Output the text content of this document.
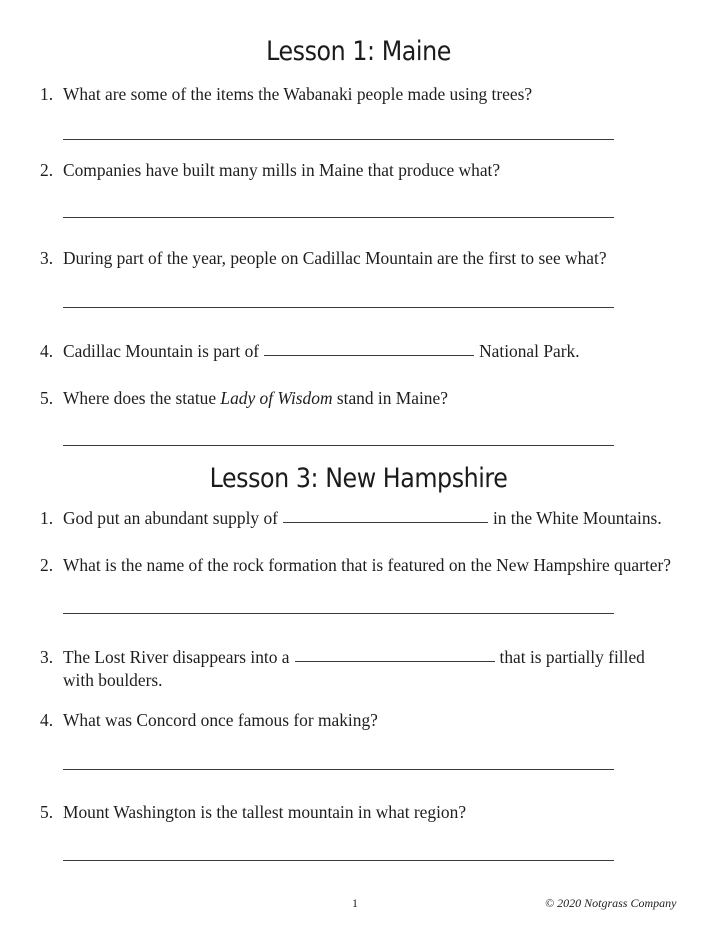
Lesson 1: Maine
1. What are some of the items the Wabanaki people made using trees?
2. Companies have built many mills in Maine that produce what?
3. During part of the year, people on Cadillac Mountain are the first to see what?
4. Cadillac Mountain is part of	National Park.
5. Where does the statue Lady of Wisdom stand in Maine?
Lesson 3: New Hampshire
1. God put an abundant supply of	in the White Mountains.
2. What is the name of the rock formation that is featured on the New Hampshire quarter?
3. The Lost River disappears into a	that is partially filled
with boulders.
4. What was Concord once famous for making?
5. Mount Washington is the tallest mountain in what region?
1	© 2020 Notgrass Company
